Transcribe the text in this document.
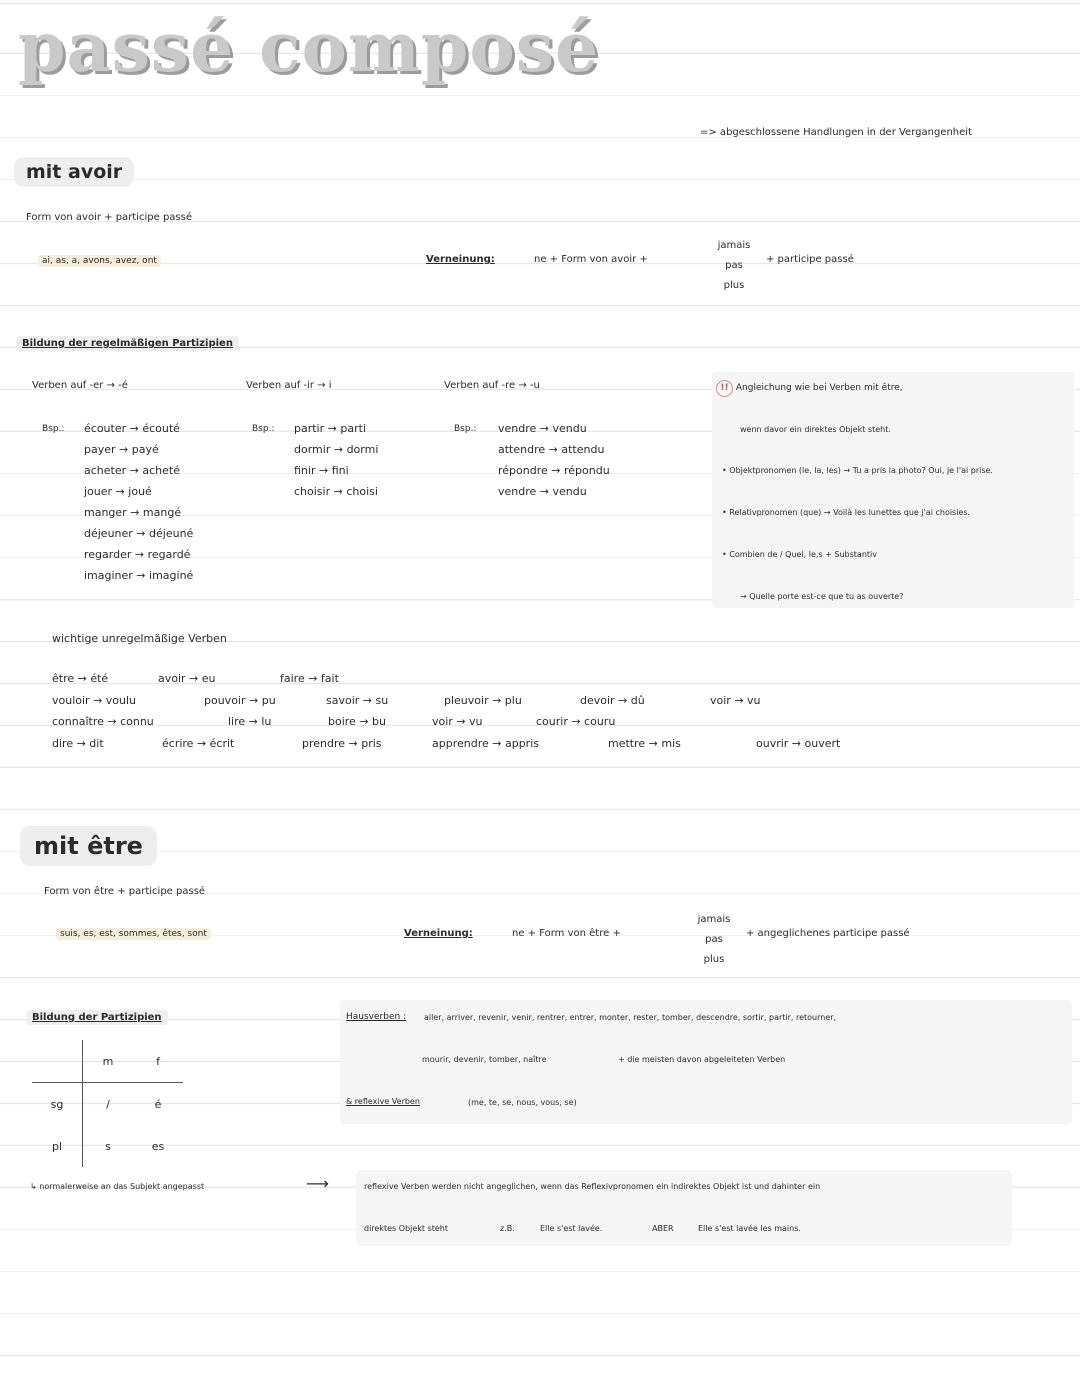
passé composé
=> abgeschlossene Handlungen in der Vergangenheit
mit avoir
Form von avoir + participe passé
ai, as, a, avons, avez, ont	Verneinung:	ne + Form von avoir +
jamais
pas
plus
+ participe passé
Bildung der regelmäßigen Partizipien
Verben auf -er → -é
Bsp.: écouter → écouté
payer → payé
acheter → acheté
jouer → joué
manger → mangé
déjeuner → déjeuné
regarder → regardé
imaginer → imaginé
Verben auf -ir → i
Bsp.: partir → parti
dormir → dormi
finir → fini
choisir → choisi
Verben auf -re → -u
Bsp.: vendre → vendu
attendre → attendu
répondre → répondu
vendre → vendu
!! Angleichung wie bei Verben mit être,
wenn davor ein direktes Objekt steht.
• Objektpronomen (le, la, les) → Tu a pris la photo? Oui, je l'ai prise.
• Relativpronomen (que) → Voilà les lunettes que j'ai choisies.
• Combien de / Quel, le,s + Substantiv
→ Quelle porte est-ce que tu as ouverte?
wichtige unregelmäßige Verben
être → été	avoir → eu	faire → fait
vouloir → voulu	pouvoir → pu	savoir → su	pleuvoir → plu	devoir → dû	voir → vu
connaître → connu	lire → lu	boire → bu	voir → vu	courir → couru
dire → dit	écrire → écrit	prendre → pris	apprendre → appris	mettre → mis	ouvrir → ouvert
mit être
Form von être + participe passé
suis, es, est, sommes, êtes, sont	Verneinung:	ne + Form von être +
jamais
pas
plus
+ angeglichenes participe passé
Bildung der Partizipien
	m	f
sg	/	é
pl	s	es
Hausverben : aller, arriver, revenir, venir, rentrer, entrer, monter, rester, tomber, descendre, sortir, partir, retourner,
mourir, devenir, tomber, naître	+ die meisten davon abgeleiteten Verben
& reflexive Verben	(me, te, se, nous, vous, se)
↳ normalerweise an das Subjekt angepasst	⟶	reflexive Verben werden nicht angeglichen, wenn das Reflexivpronomen ein indirektes Objekt ist und dahinter ein
direktes Objekt steht	z.B.	Elle s'est lavée.	ABER	Elle s'est lavée les mains.
